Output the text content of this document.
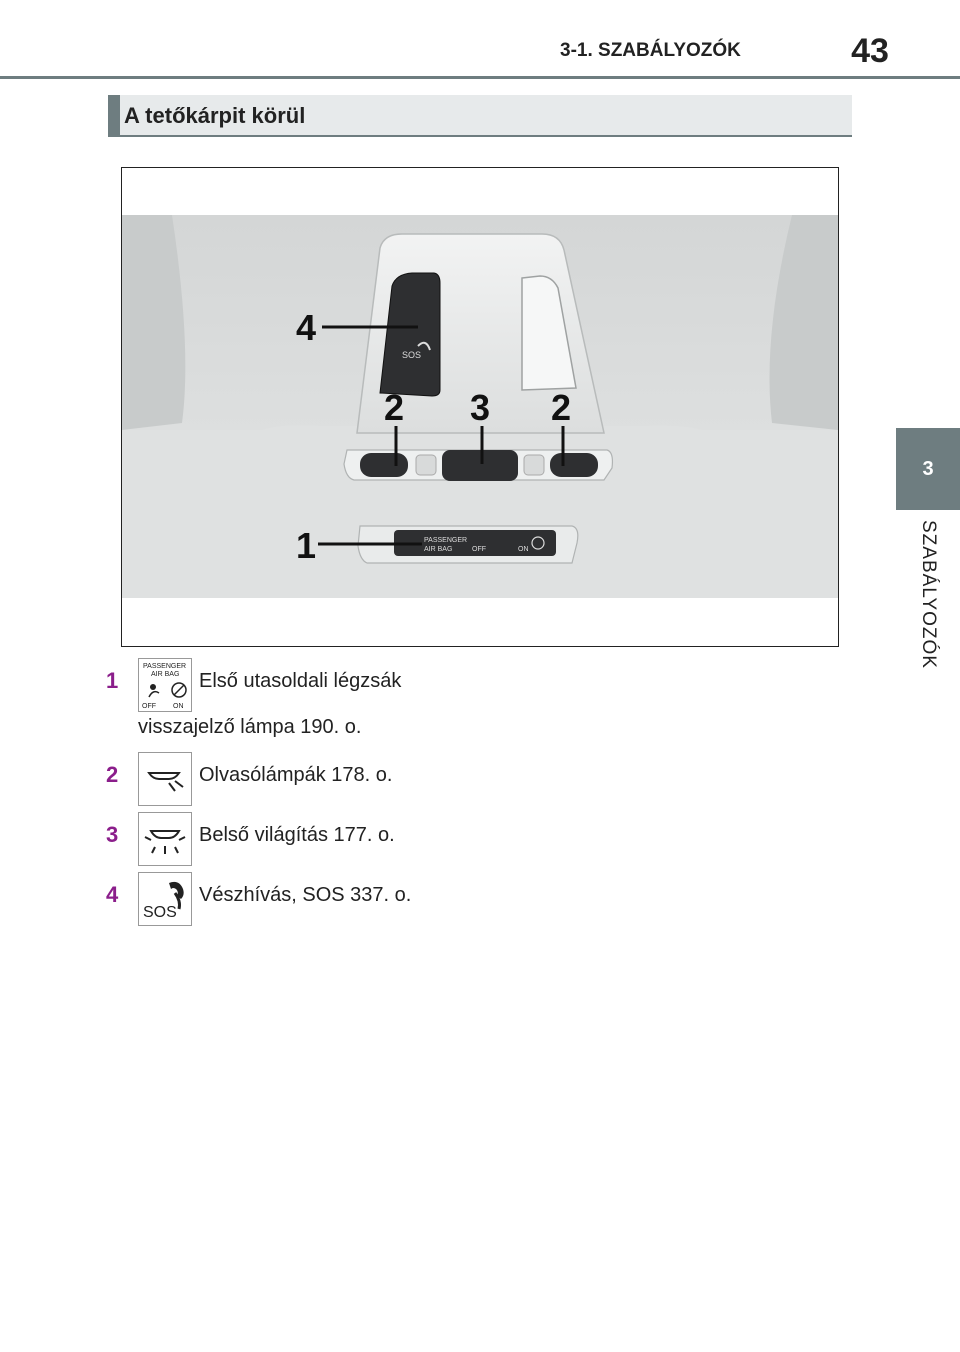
3-1. SZABÁLYOZÓK	43
3
SZABÁLYOZÓK
A tetőkárpit körül
SOS
PASSENGER
AIR BAG	OFF	ON
4
2 3 2
1
1
PASSENGER
AIR BAG
OFF ON
Első utasoldali légzsák
visszajelző lámpa 190. o.
2	Olvasólámpák 178. o.
3	Belső világítás 177. o.
4
SOS
Vészhívás, SOS 337. o.
